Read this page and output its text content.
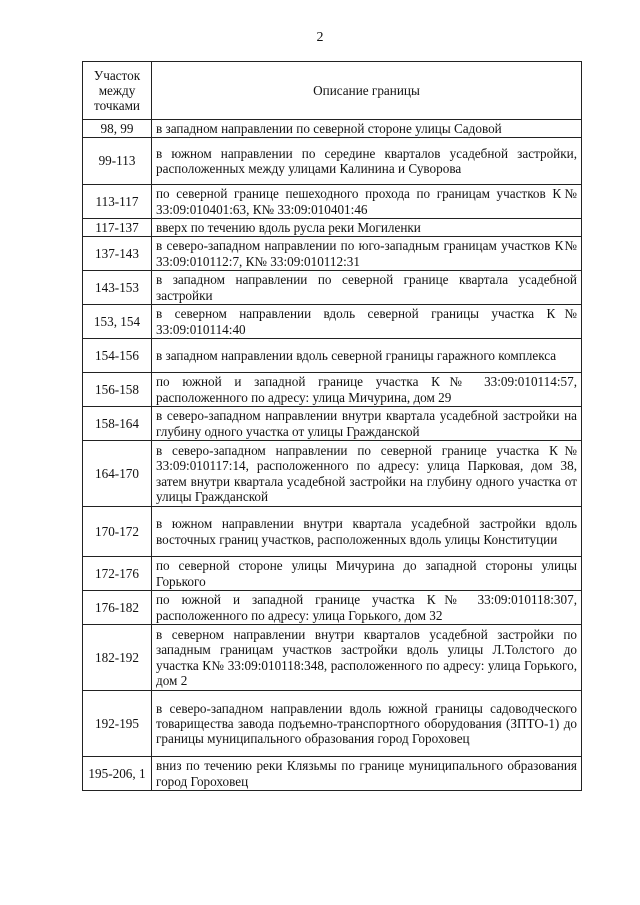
2
Участок между точками	Описание границы
98, 99	в западном направлении по северной стороне улицы Садовой
99-113	в южном направлении по середине кварталов усадебной застройки, расположенных между улицами Калинина и Суворова
113-117	по северной границе пешеходного прохода по границам участков К№ 33:09:010401:63, К№ 33:09:010401:46
117-137	вверх по течению вдоль русла реки Могиленки
137-143	в северо-западном направлении по юго-западным границам участков К№ 33:09:010112:7, К№ 33:09:010112:31
143-153	в западном направлении по северной границе квартала усадебной застройки
153, 154	в северном направлении вдоль северной границы участка К№ 33:09:010114:40
154-156	в западном направлении вдоль северной границы гаражного комплекса
156-158	по южной и западной границе участка К№ 33:09:010114:57, расположенного по адресу: улица Мичурина, дом 29
158-164	в северо-западном направлении внутри квартала усадебной застройки на глубину одного участка от улицы Гражданской
164-170	в северо-западном направлении по северной границе участка К№ 33:09:010117:14, расположенного по адресу: улица Парковая, дом 38, затем внутри квартала усадебной застройки на глубину одного участка от улицы Гражданской
170-172	в южном направлении внутри квартала усадебной застройки вдоль восточных границ участков, расположенных вдоль улицы Конституции
172-176	по северной стороне улицы Мичурина до западной стороны улицы Горького
176-182	по южной и западной границе участка К№ 33:09:010118:307, расположенного по адресу: улица Горького, дом 32
182-192	в северном направлении внутри кварталов усадебной застройки по западным границам участков застройки вдоль улицы Л.Толстого до участка К№ 33:09:010118:348, расположенного по адресу: улица Горького, дом 2
192-195	в северо-западном направлении вдоль южной границы садоводческого товарищества завода подъемно-транспортного оборудования (ЗПТО-1) до границы муниципального образования город Гороховец
195-206, 1	вниз по течению реки Клязьмы по границе муниципального образования город Гороховец
